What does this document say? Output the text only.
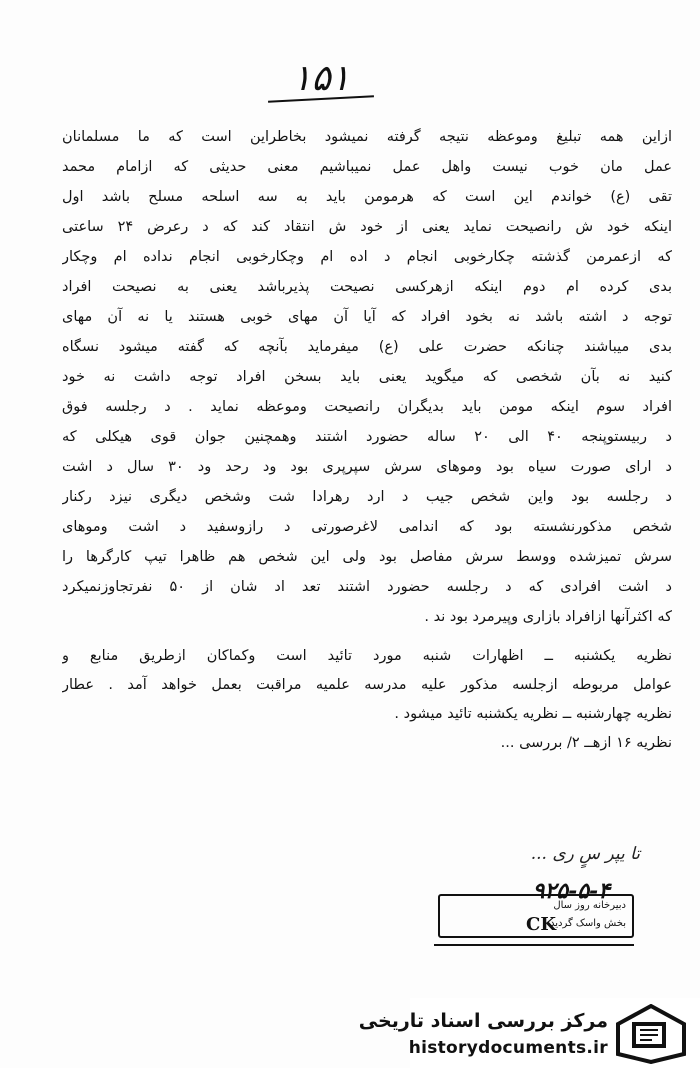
۱۵۱
ازاین همه تبلیغ وموعظه نتیجه گرفته نمیشود بخاطراین است که ما مسلمانان
عمل مان خوب نیست واهل عمل نمیباشیم معنی حدیثی که ازامام محمد
تقی (ع) خواندم این است که هرمومن باید به سه اسلحه مسلح باشد اول
اینکه خود ش رانصیحت نماید یعنی از خود ش انتقاد کند که د رعرض ۲۴ ساعتی
که ازعمرمن گذشته چکارخوبی انجام د اده ام وچکارخوبی انجام نداده ام وچکار
بدی کرده ام دوم اینکه ازهرکسی نصیحت پذیرباشد یعنی به نصیحت افراد
توجه د اشته باشد نه بخود افراد که آیا آن مهای خوبی هستند یا نه آن مهای
بدی میباشند چنانکه حضرت علی (ع) میفرماید بآنچه که گفته میشود نسگاه
کنید نه بآن شخصی که میگوید یعنی باید بسخن افراد توجه داشت نه خود
افراد سوم اینکه مومن باید بدیگران رانصیحت وموعظه نماید . د رجلسه فوق
د ربیستوپنجه ۴۰ الی ۲۰ ساله حضورد اشتند وهمچنین جوان قوی هیکلی که
د ارای صورت سیاه بود وموهای سرش سپرپری بود ود رحد ود ۳۰ سال د اشت
د رجلسه بود واین شخص جیب د ارد رهرادا شت وشخص دیگری نیزد رکنار
شخص مذکورنشسته بود که اندامی لاغرصورتی د رازوسفید د اشت وموهای
سرش تمیزشده ووسط سرش مفاصل بود ولی این شخص هم ظاهرا تیپ کارگرها را
د اشت افرادی که د رجلسه حضورد اشتند تعد اد شان از ۵۰ نفرتجاوزنمیکرد
که اکثرآنها ازافراد بازاری وپیرمرد بود ند .
نظریه یکشنبه ــ اظهارات شنبه مورد تائید است وکماکان ازطریق منابع و
عوامل مربوطه ازجلسه مذکور علیه مدرسه علمیه مراقبت بعمل خواهد آمد . عطار
نظریه چهارشنبه ــ نظریه یکشنبه تائید میشود .
نظریه ۱۶ ازهــ ۲/ بررسی ...
تا یپر سٍ ری ...
۹۲۵-۵-۴
دبیرخانه روز سال
بخش واسک گردید
CK
مرکز بررسی اسناد تاریخی
historydocuments.ir
